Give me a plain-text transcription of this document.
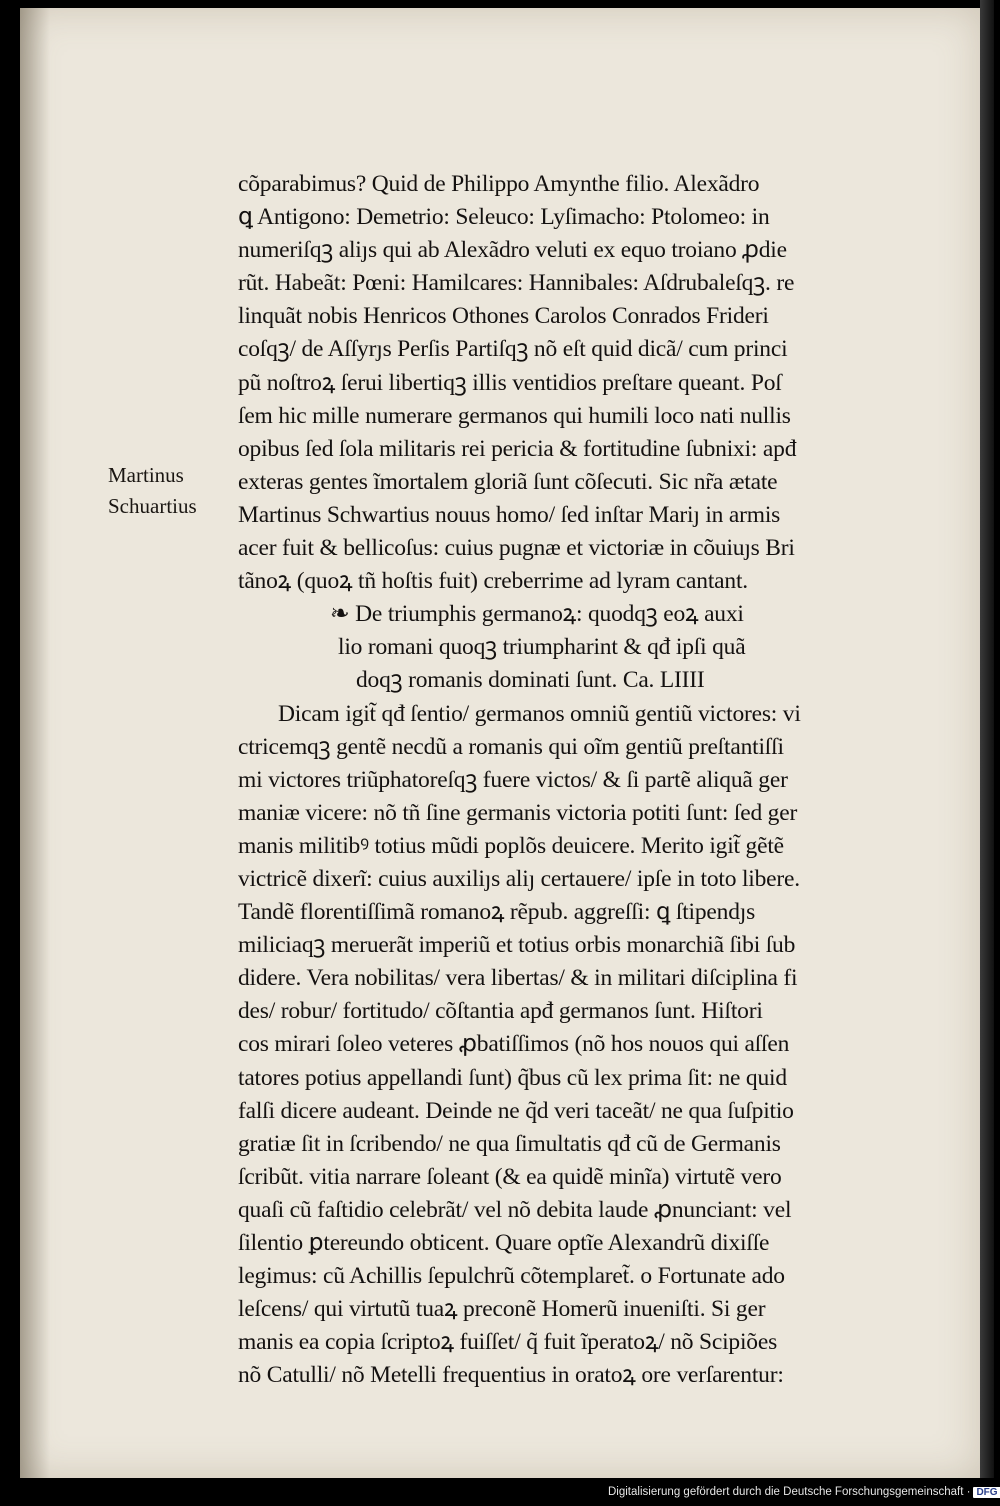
Martinus
Schuartius
cõparabimus? Quid de Philippo Amynthe filio. Alexãdro
ꝗ Antigono: Demetrio: Seleuco: Lyſimacho: Ptolomeo: in
numeriſqꝫ aliȷs qui ab Alexãdro veluti ex equo troiano ꝓdie
rũt. Habeãt: Pœni: Hamilcares: Hannibales: Aſdrubaleſqꝫ. re
linquãt nobis Henricos Othones Carolos Conrados Frideri
coſqꝫ/ de Aſſyrȷs Perſis Partiſqꝫ nõ eſt quid dicã/ cum princi
pũ noſtroꝝ ſerui libertiqꝫ illis ventidios preſtare queant. Poſ
ſem hic mille numerare germanos qui humili loco nati nullis
opibus ſed ſola militaris rei pericia & fortitudine ſubnixi: apđ
exteras gentes ĩmortalem gloriã ſunt cõſecuti. Sic nr̃a ætate
Martinus Schwartius nouus homo/ ſed inſtar Mariȷ in armis
acer fuit & bellicoſus: cuius pugnæ et victoriæ in cõuiuȷs Bri
tãnoꝝ (quoꝝ tñ hoſtis fuit) creberrime ad lyram cantant.
❧ De triumphis germanoꝝ: quodqꝫ eoꝝ auxi
lio romani quoqꝫ triumpharint & qđ ipſi quã
doqꝫ romanis dominati ſunt. Ca. LIIII
Dicam igit̃ qđ ſentio/ germanos omniũ gentiũ victores: vi
ctricemqꝫ gentẽ necdũ a romanis qui oĩm gentiũ preſtantiſſi
mi victores triũphatoreſqꝫ fuere victos/ & ſi partẽ aliquã ger
maniæ vicere: nõ tñ ſine germanis victoria potiti ſunt: ſed ger
manis militibꝰ totius mũdi poplõs deuicere. Merito igit̃ gẽtẽ
victricẽ dixerĩ: cuius auxiliȷs aliȷ certauere/ ipſe in toto libere.
Tandẽ florentiſſimã romanoꝝ rẽpub. aggreſſi: ꝗ ſtipendȷs
miliciaqꝫ meruerãt imperiũ et totius orbis monarchiã ſibi ſub
didere. Vera nobilitas/ vera libertas/ & in militari diſciplina fi
des/ robur/ fortitudo/ cõſtantia apđ germanos ſunt. Hiſtori
cos mirari ſoleo veteres ꝓbatiſſimos (nõ hos nouos qui aſſen
tatores potius appellandi ſunt) q̃bus cũ lex prima ſit: ne quid
falſi dicere audeant. Deinde ne q̃d veri taceãt/ ne qua ſuſpitio
gratiæ ſit in ſcribendo/ ne qua ſimultatis qđ cũ de Germanis
ſcribũt. vitia narrare ſoleant (& ea quidẽ minĩa) virtutẽ vero
quaſi cũ faſtidio celebrãt/ vel nõ debita laude ꝓnunciant: vel
ſilentio ꝑtereundo obticent. Quare optĩe Alexandrũ dixiſſe
legimus: cũ Achillis ſepulchrũ cõtemplaret̃. o Fortunate ado
leſcens/ qui virtutũ tuaꝝ preconẽ Homerũ inueniſti. Si ger
manis ea copia ſcriptoꝝ fuiſſet/ q̃ fuit ĩperatoꝝ/ nõ Scipiões
nõ Catulli/ nõ Metelli frequentius in oratoꝝ ore verſarentur:
Digitalisierung gefördert durch die Deutsche Forschungsgemeinschaft · DFG
